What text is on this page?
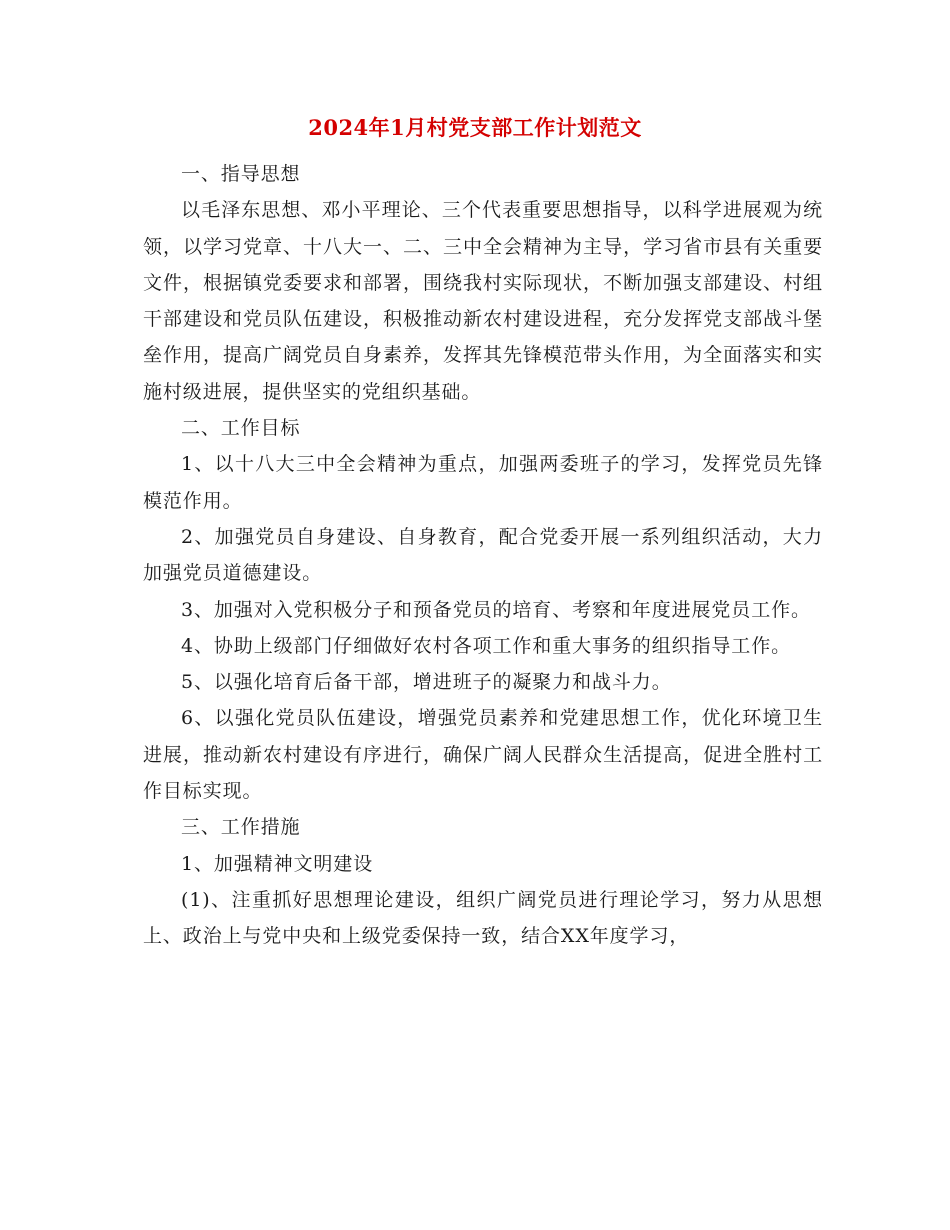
2024年1月村党支部工作计划范文

一、指导思想

以毛泽东思想、邓小平理论、三个代表重要思想指导，以科学进展观为统领，以学习党章、十八大一、二、三中全会精神为主导，学习省市县有关重要文件，根据镇党委要求和部署，围绕我村实际现状，不断加强支部建设、村组干部建设和党员队伍建设，积极推动新农村建设进程，充分发挥党支部战斗堡垒作用，提高广阔党员自身素养，发挥其先锋模范带头作用，为全面落实和实施村级进展，提供坚实的党组织基础。

二、工作目标

1、以十八大三中全会精神为重点，加强两委班子的学习，发挥党员先锋模范作用。

2、加强党员自身建设、自身教育，配合党委开展一系列组织活动，大力加强党员道德建设。

3、加强对入党积极分子和预备党员的培育、考察和年度进展党员工作。

4、协助上级部门仔细做好农村各项工作和重大事务的组织指导工作。

5、以强化培育后备干部，增进班子的凝聚力和战斗力。

6、以强化党员队伍建设，增强党员素养和党建思想工作，优化环境卫生进展，推动新农村建设有序进行，确保广阔人民群众生活提高，促进全胜村工作目标实现。

三、工作措施

1、加强精神文明建设

(1)、注重抓好思想理论建设，组织广阔党员进行理论学习，努力从思想上、政治上与党中央和上级党委保持一致，结合XX年度学习，
